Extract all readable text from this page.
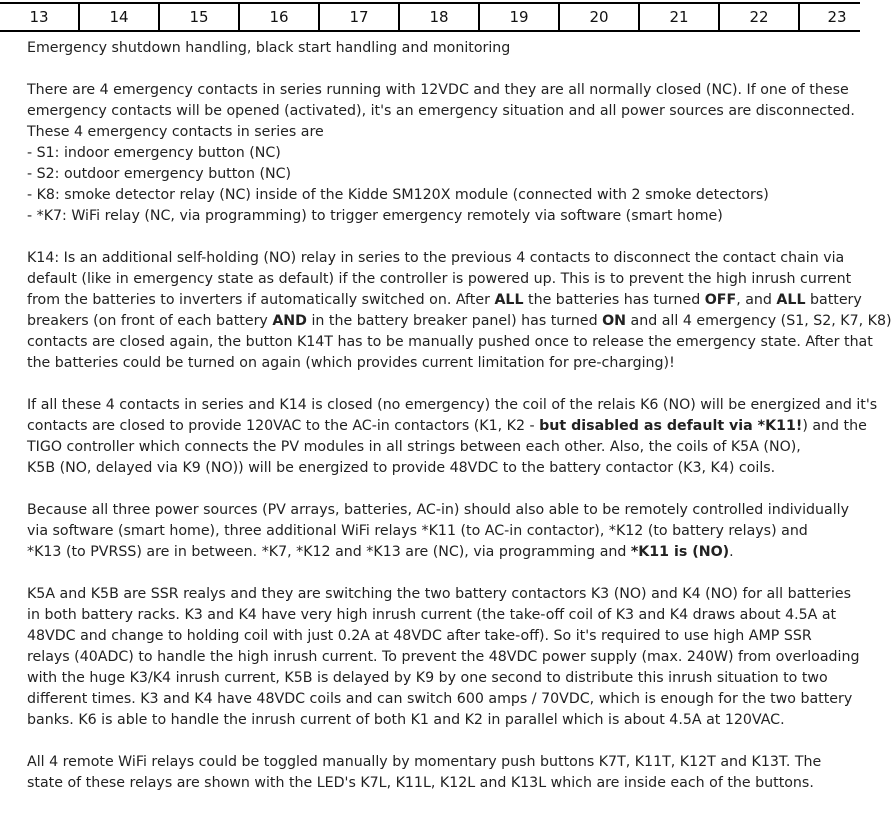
13	14	15	16	17	18	19	20	21	22	23

Emergency shutdown handling, black start handling and monitoring

There are 4 emergency contacts in series running with 12VDC and they are all normally closed (NC). If one of these
emergency contacts will be opened (activated), it's an emergency situation and all power sources are disconnected.
These 4 emergency contacts in series are
- S1: indoor emergency button (NC)
- S2: outdoor emergency button (NC)
- K8: smoke detector relay (NC) inside of the Kidde SM120X module (connected with 2 smoke detectors)
- *K7: WiFi relay (NC, via programming) to trigger emergency remotely via software (smart home)

K14: Is an additional self-holding (NO) relay in series to the previous 4 contacts to disconnect the contact chain via
default (like in emergency state as default) if the controller is powered up. This is to prevent the high inrush current
from the batteries to inverters if automatically switched on. After ALL the batteries has turned OFF, and ALL battery
breakers (on front of each battery AND in the battery breaker panel) has turned ON and all 4 emergency (S1, S2, K7, K8)
contacts are closed again, the button K14T has to be manually pushed once to release the emergency state. After that
the batteries could be turned on again (which provides current limitation for pre-charging)!

If all these 4 contacts in series and K14 is closed (no emergency) the coil of the relais K6 (NO) will be energized and it's
contacts are closed to provide 120VAC to the AC-in contactors (K1, K2 - but disabled as default via *K11!) and the
TIGO controller which connects the PV modules in all strings between each other. Also, the coils of K5A (NO),
K5B (NO, delayed via K9 (NO)) will be energized to provide 48VDC to the battery contactor (K3, K4) coils.

Because all three power sources (PV arrays, batteries, AC-in) should also able to be remotely controlled individually
via software (smart home), three additional WiFi relays *K11 (to AC-in contactor), *K12 (to battery relays) and
*K13 (to PVRSS) are in between. *K7, *K12 and *K13 are (NC), via programming and *K11 is (NO).

K5A and K5B are SSR realys and they are switching the two battery contactors K3 (NO) and K4 (NO) for all batteries
in both battery racks. K3 and K4 have very high inrush current (the take-off coil of K3 and K4 draws about 4.5A at
48VDC and change to holding coil with just 0.2A at 48VDC after take-off). So it's required to use high AMP SSR
relays (40ADC) to handle the high inrush current. To prevent the 48VDC power supply (max. 240W) from overloading
with the huge K3/K4 inrush current, K5B is delayed by K9 by one second to distribute this inrush situation to two
different times. K3 and K4 have 48VDC coils and can switch 600 amps / 70VDC, which is enough for the two battery
banks. K6 is able to handle the inrush current of both K1 and K2 in parallel which is about 4.5A at 120VAC.

All 4 remote WiFi relays could be toggled manually by momentary push buttons K7T, K11T, K12T and K13T. The
state of these relays are shown with the LED's K7L, K11L, K12L and K13L which are inside each of the buttons.
